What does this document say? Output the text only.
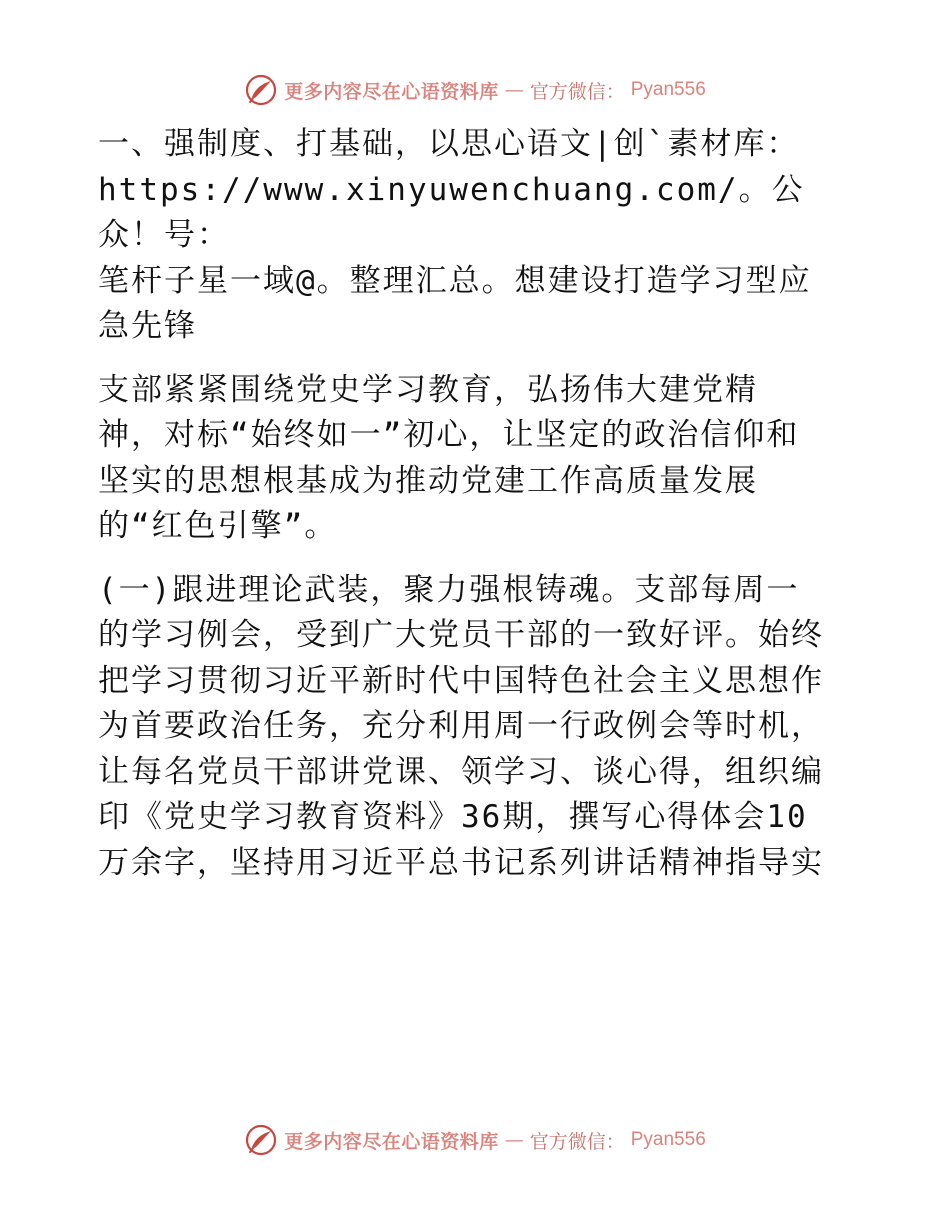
更多内容尽在心语资料库 — 官方微信： Pyan556

一、强制度、打基础，以思心语文|创`素材库：
https://www.xinyuwenchuang.com/。公众！号：
笔杆子星一域@。整理汇总。想建设打造学习型应
急先锋

支部紧紧围绕党史学习教育，弘扬伟大建党精
神，对标“始终如一”初心，让坚定的政治信仰和
坚实的思想根基成为推动党建工作高质量发展
的“红色引擎”。

(一)跟进理论武装，聚力强根铸魂。支部每周一
的学习例会，受到广大党员干部的一致好评。始终
把学习贯彻习近平新时代中国特色社会主义思想作
为首要政治任务，充分利用周一行政例会等时机，
让每名党员干部讲党课、领学习、谈心得，组织编
印《党史学习教育资料》36期，撰写心得体会10
万余字，坚持用习近平总书记系列讲话精神指导实

更多内容尽在心语资料库 — 官方微信： Pyan556
